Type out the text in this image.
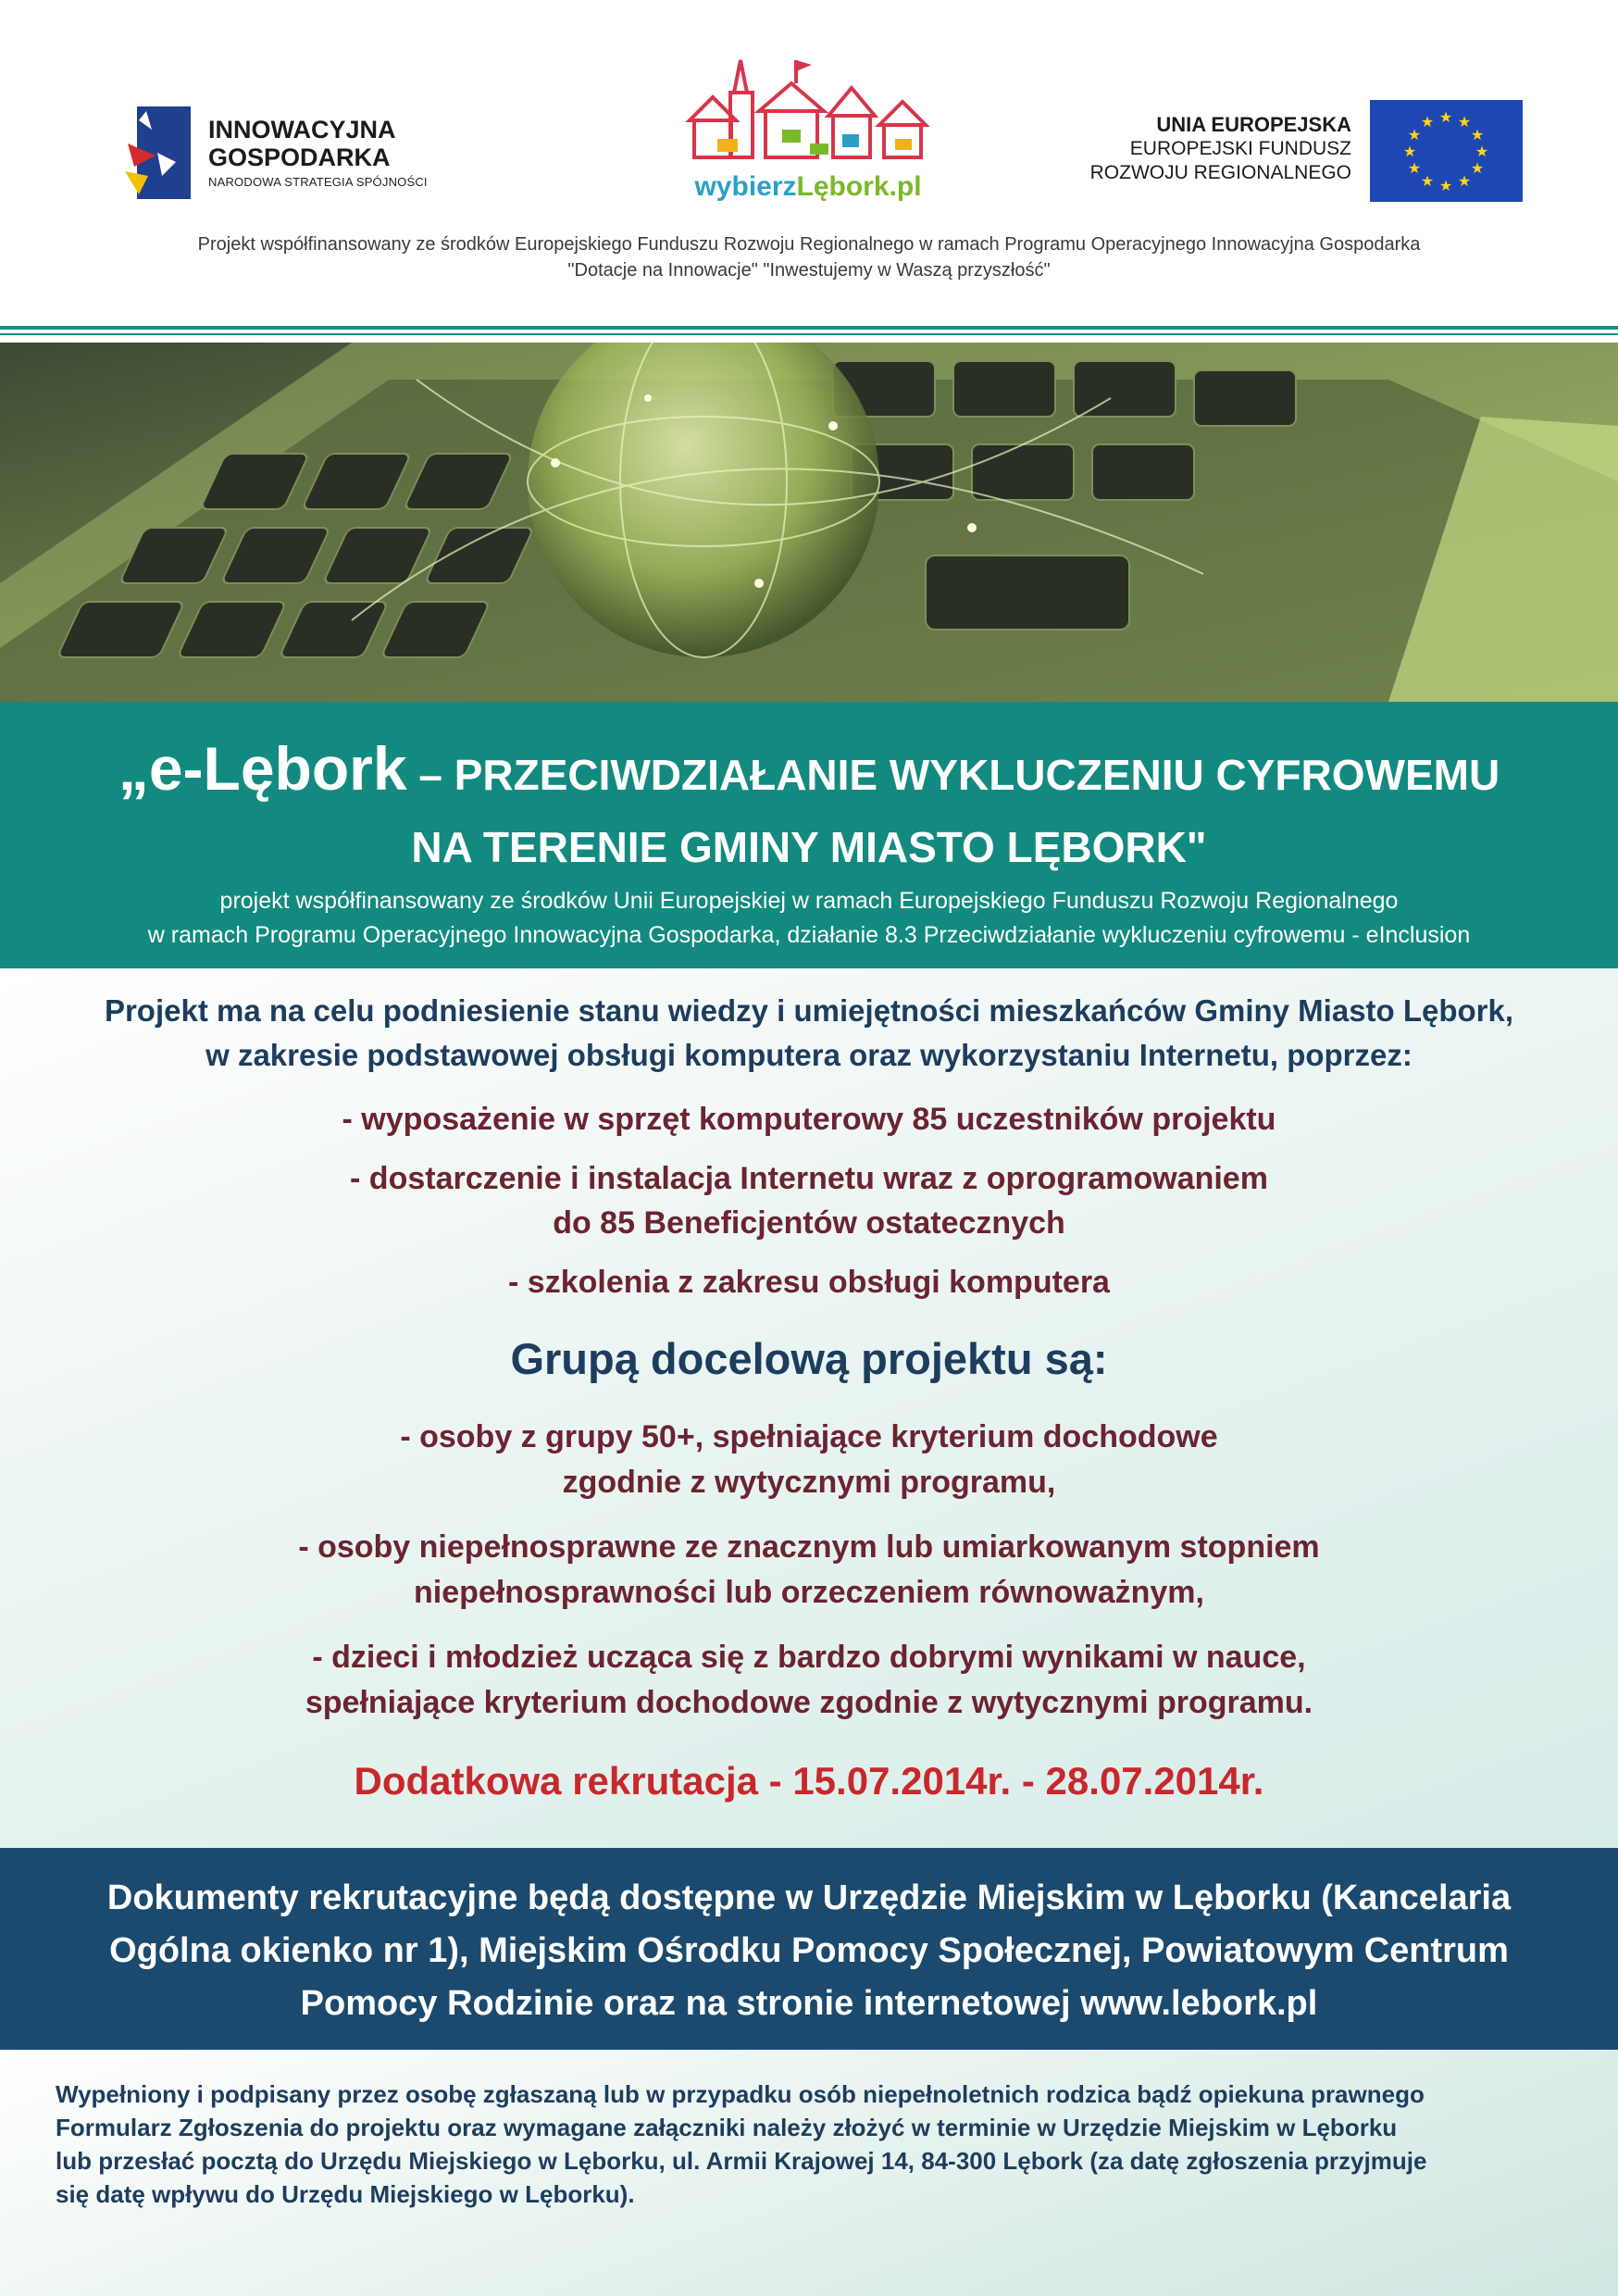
INNOWACYJNA
GOSPODARKA
NARODOWA STRATEGIA SPÓJNOŚCI	wybierzLębork.pl
UNIA EUROPEJSKA
EUROPEJSKI FUNDUSZ
ROZWOJU REGIONALNEGO
★ ★
★
★
★
★
★
★
★
★
★
★
Projekt współfinansowany ze środków Europejskiego Funduszu Rozwoju Regionalnego w ramach Programu Operacyjnego Innowacyjna Gospodarka
"Dotacje na Innowacje" "Inwestujemy w Waszą przyszłość"
„e-Lębork – PRZECIWDZIAŁANIE WYKLUCZENIU CYFROWEMU
NA TERENIE GMINY MIASTO LĘBORK"
projekt współfinansowany ze środków Unii Europejskiej w ramach Europejskiego Funduszu Rozwoju Regionalnego
w ramach Programu Operacyjnego Innowacyjna Gospodarka, działanie 8.3 Przeciwdziałanie wykluczeniu cyfrowemu - eInclusion
Projekt ma na celu podniesienie stanu wiedzy i umiejętności mieszkańców Gminy Miasto Lębork,
w zakresie podstawowej obsługi komputera oraz wykorzystaniu Internetu, poprzez:
- wyposażenie w sprzęt komputerowy 85 uczestników projektu
- dostarczenie i instalacja Internetu wraz z oprogramowaniem
do 85 Beneficjentów ostatecznych
- szkolenia z zakresu obsługi komputera
Grupą docelową projektu są:
- osoby z grupy 50+, spełniające kryterium dochodowe
zgodnie z wytycznymi programu,
- osoby niepełnosprawne ze znacznym lub umiarkowanym stopniem
niepełnosprawności lub orzeczeniem równoważnym,
- dzieci i młodzież ucząca się z bardzo dobrymi wynikami w nauce,
spełniające kryterium dochodowe zgodnie z wytycznymi programu.
Dodatkowa rekrutacja - 15.07.2014r. - 28.07.2014r.
Dokumenty rekrutacyjne będą dostępne w Urzędzie Miejskim w Lęborku (Kancelaria
Ogólna okienko nr 1), Miejskim Ośrodku Pomocy Społecznej, Powiatowym Centrum
Pomocy Rodzinie oraz na stronie internetowej www.lebork.pl
Wypełniony i podpisany przez osobę zgłaszaną lub w przypadku osób niepełnoletnich rodzica bądź opiekuna prawnego
Formularz Zgłoszenia do projektu oraz wymagane załączniki należy złożyć w terminie w Urzędzie Miejskim w Lęborku
lub przesłać pocztą do Urzędu Miejskiego w Lęborku, ul. Armii Krajowej 14, 84-300 Lębork (za datę zgłoszenia przyjmuje
się datę wpływu do Urzędu Miejskiego w Lęborku).
